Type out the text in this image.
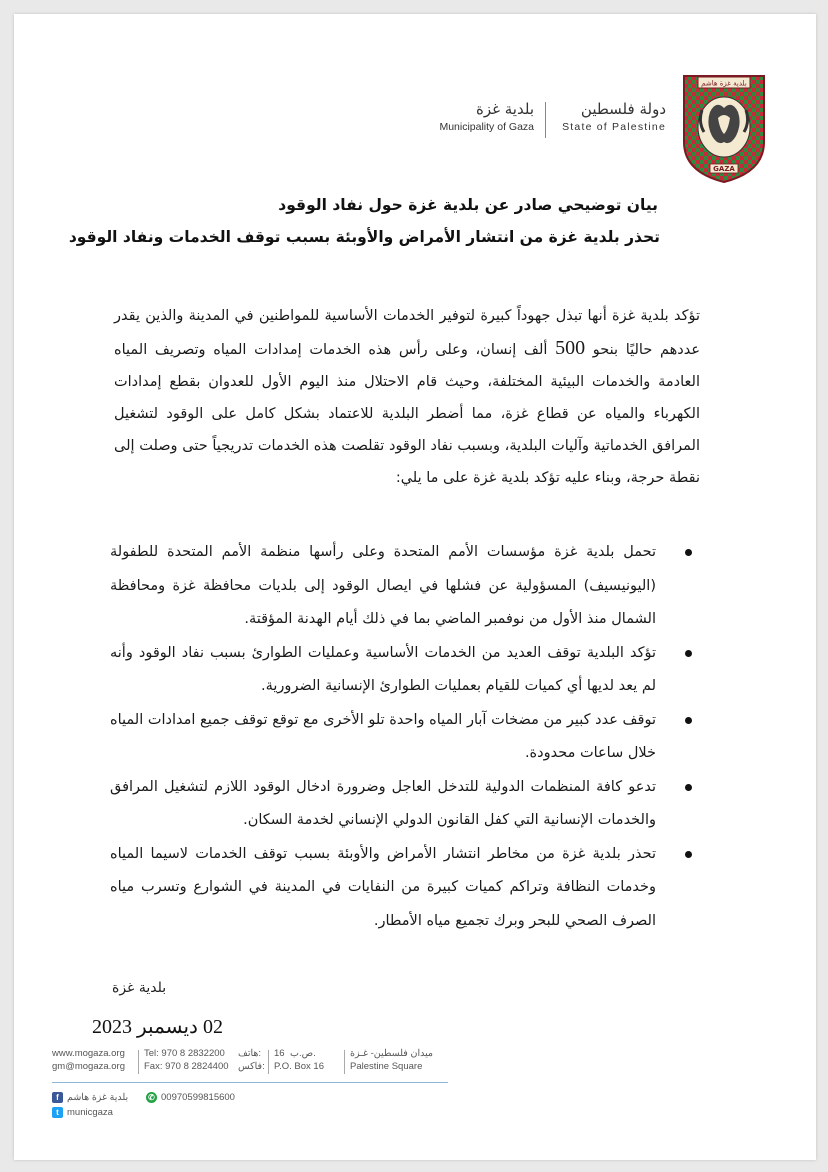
بلدية غزة
Municipality of Gaza
دولة فلسطين
State of Palestine
بلدية غزة هاشم
GAZA
بيان توضيحي صادر عن بلدية غزة حول نفاد الوقود
تحذر بلدية غزة من انتشار الأمراض والأوبئة بسبب توقف الخدمات ونفاد الوقود

تؤكد بلدية غزة أنها تبذل جهوداً كبيرة لتوفير الخدمات الأساسية للمواطنين في المدينة والذين يقدر عددهم حاليًا بنحو 500 ألف إنسان، وعلى رأس هذه الخدمات إمدادات المياه وتصريف المياه العادمة والخدمات البيئية المختلفة، وحيث قام الاحتلال منذ اليوم الأول للعدوان بقطع إمدادات الكهرباء والمياه عن قطاع غزة، مما أضطر البلدية للاعتماد بشكل كامل على الوقود لتشغيل المرافق الخدماتية وآليات البلدية، وبسبب نفاد الوقود تقلصت هذه الخدمات تدريجياً حتى وصلت إلى نقطة حرجة، وبناء عليه تؤكد بلدية غزة على ما يلي:

تحمل بلدية غزة مؤسسات الأمم المتحدة وعلى رأسها منظمة الأمم المتحدة للطفولة (اليونيسيف) المسؤولية عن فشلها في ايصال الوقود إلى بلديات محافظة غزة ومحافظة الشمال منذ الأول من نوفمبر الماضي بما في ذلك أيام الهدنة المؤقتة.
تؤكد البلدية توقف العديد من الخدمات الأساسية وعمليات الطوارئ بسبب نفاد الوقود وأنه لم يعد لديها أي كميات للقيام بعمليات الطوارئ الإنسانية الضرورية.
توقف عدد كبير من مضخات آبار المياه واحدة تلو الأخرى مع توقع توقف جميع امدادات المياه خلال ساعات محدودة.
تدعو كافة المنظمات الدولية للتدخل العاجل وضرورة ادخال الوقود اللازم لتشغيل المرافق والخدمات الإنسانية التي كفل القانون الدولي الإنساني لخدمة السكان.
تحذر بلدية غزة من مخاطر انتشار الأمراض والأوبئة بسبب توقف الخدمات لاسيما المياه وخدمات النظافة وتراكم كميات كبيرة من النفايات في المدينة في الشوارع وتسرب مياه الصرف الصحي للبحر وبرك تجميع مياه الأمطار.
بلدية غزة
02 ديسمبر 2023
www.mogaza.org
gm@mogaza.org
Tel: 970 8 2832200
Fax: 970 8 2824400
هاتف:
فاكس:
16 ص.ب.
P.O. Box 16
ميدان فلسطين- غـزة
Palestine Square
f بلدية غزة هاشم ✆ 00970599815600
t municgaza
